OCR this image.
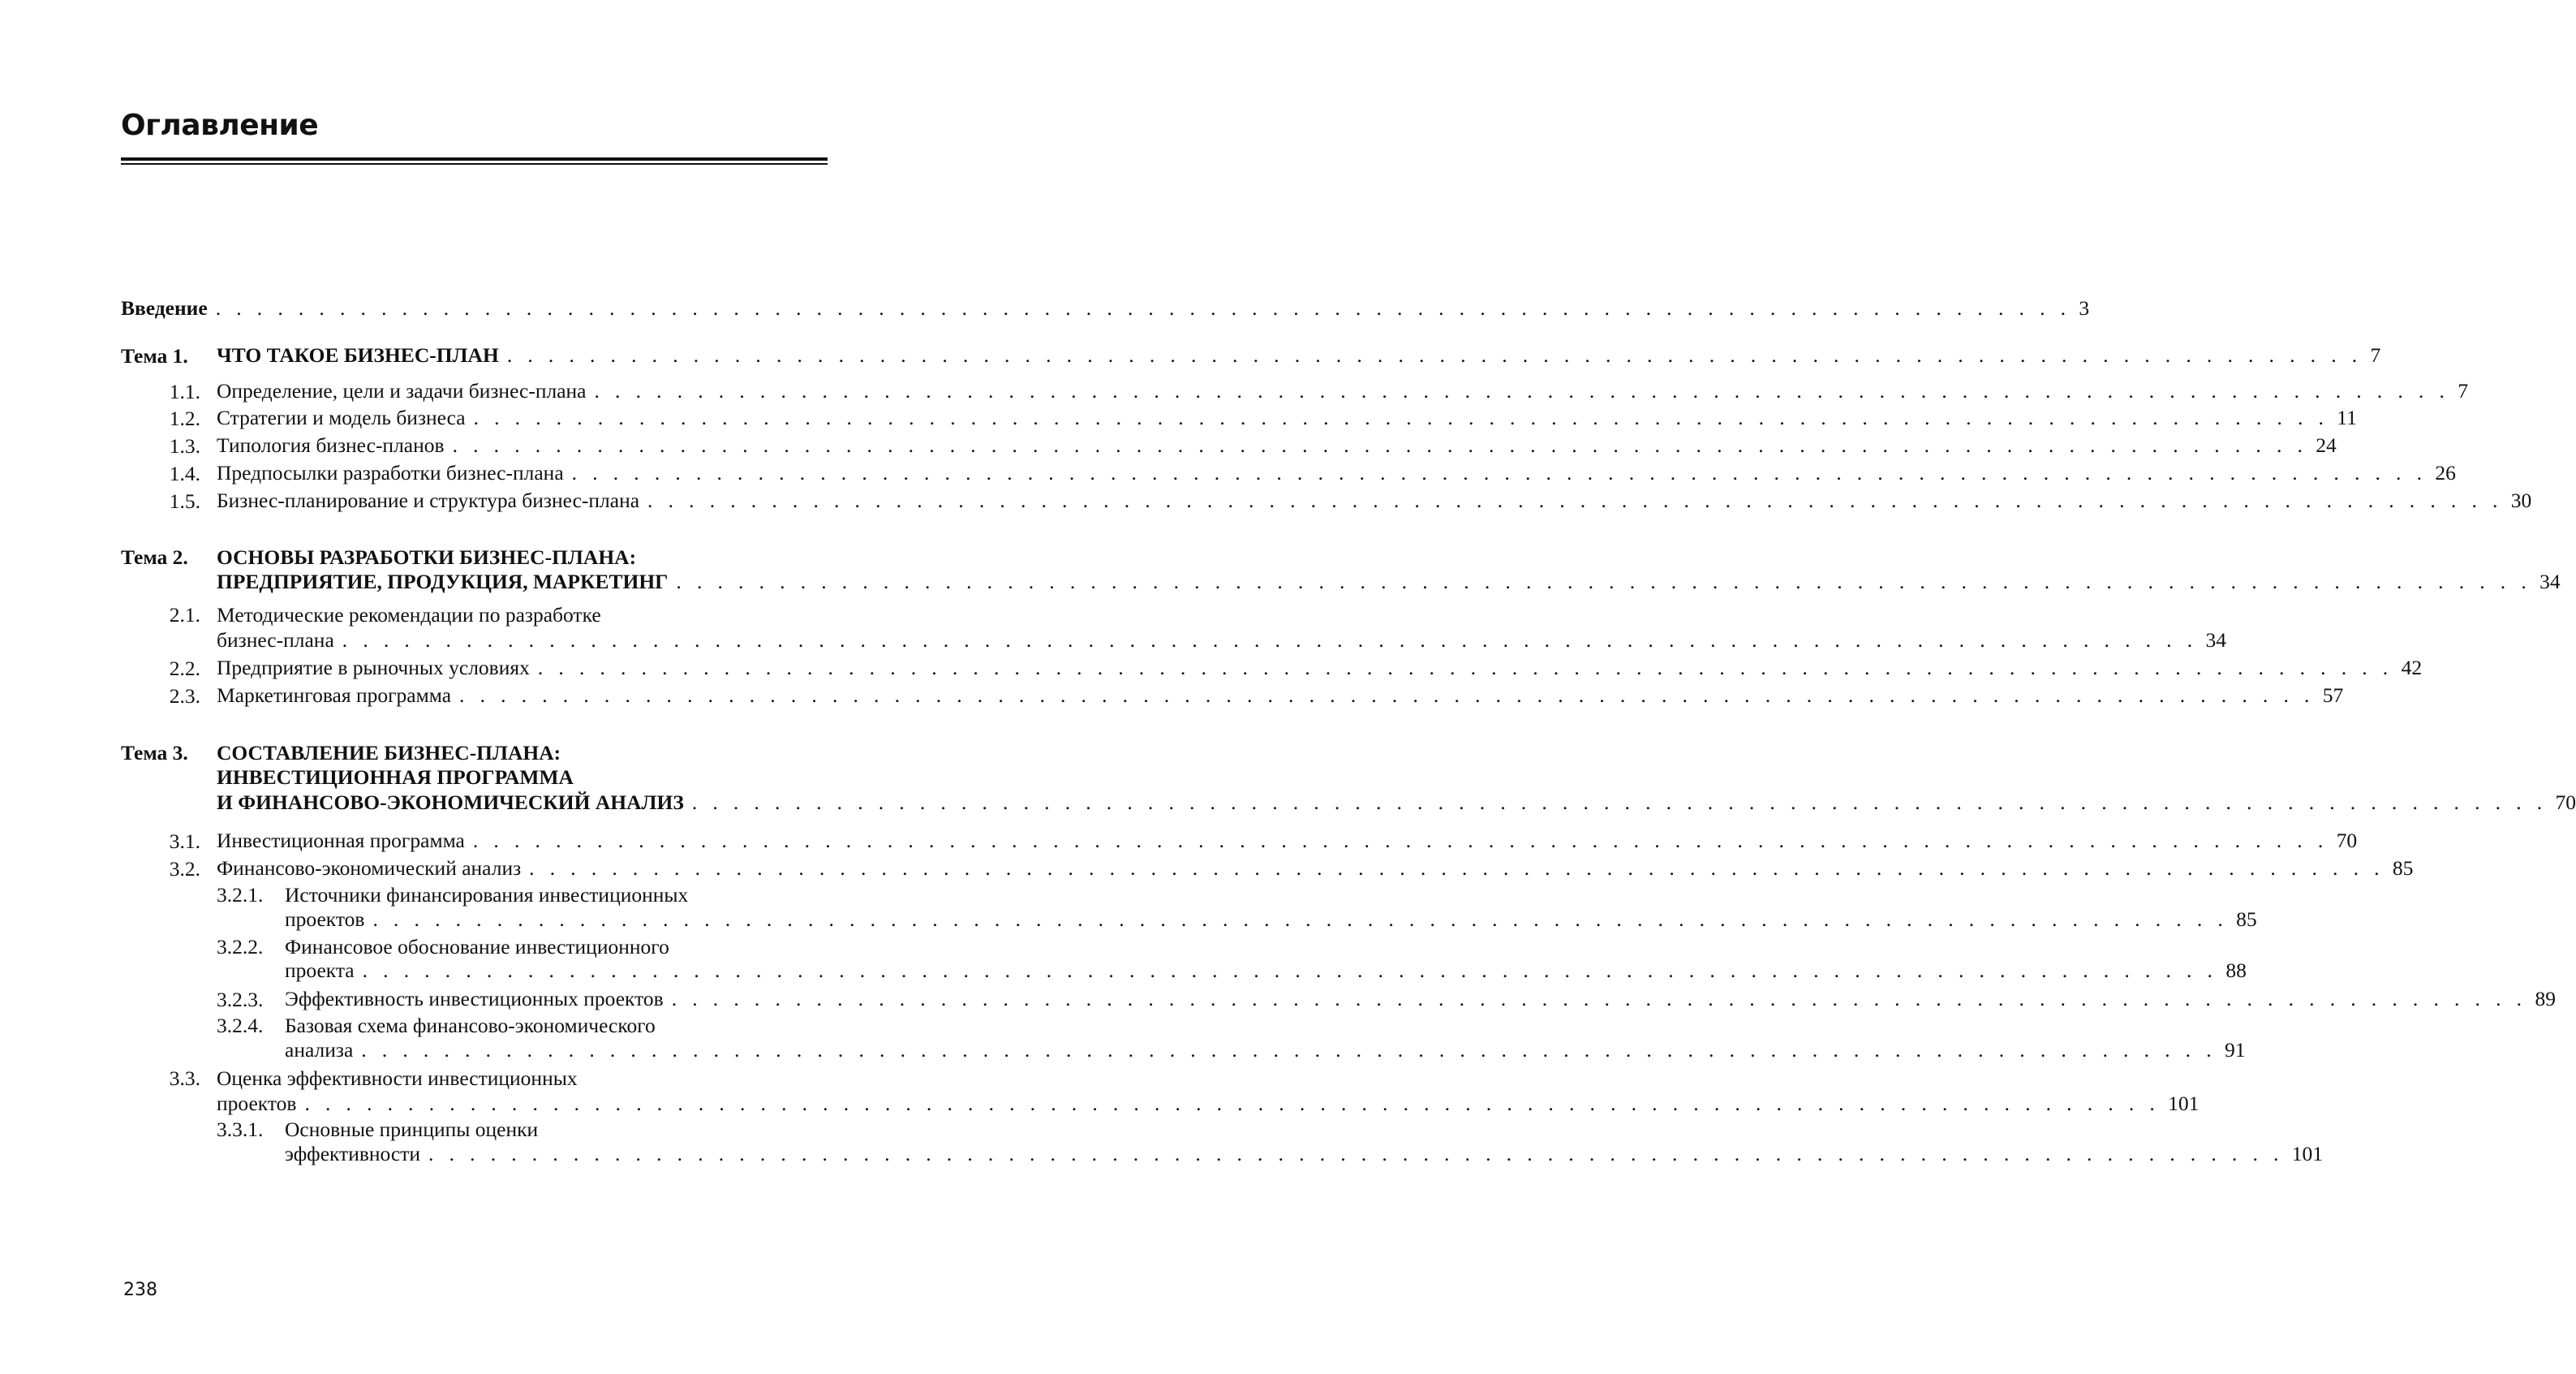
Оглавление
Введение . . . . . . . . . . . . . . . . . . . . . . . . . . . . . . . . . . . . . . . . . . . . . . . . . . . . . . . . . . . . . . . . . . . . . . . . . . . . . . . . . . . . . . . . . . 3
Тема 1. ЧТО ТАКОЕ БИЗНЕС-ПЛАН . . . . . . . . . . . . . . . . . . . . . . . . . . . . . . . . . . . . . . . . . . . . . . . . . . . . . . . . . . . . . . . . . . . . . . . . . . . . . . . . . . . . . . . . . . 7
1.1. Определение, цели и задачи бизнес-плана . . . . . . . . . . . . . . . . . . . . . . . . . . . . . . . . . . . . . . . . . . . . . . . . . . . . . . . . . . . . . . . . . . . . . . . . . . . . . . . . . . . . . . . . . . 7
1.2. Стратегии и модель бизнеса . . . . . . . . . . . . . . . . . . . . . . . . . . . . . . . . . . . . . . . . . . . . . . . . . . . . . . . . . . . . . . . . . . . . . . . . . . . . . . . . . . . . . . . . . . 11
1.3. Типология бизнес-планов . . . . . . . . . . . . . . . . . . . . . . . . . . . . . . . . . . . . . . . . . . . . . . . . . . . . . . . . . . . . . . . . . . . . . . . . . . . . . . . . . . . . . . . . . . 24
1.4. Предпосылки разработки бизнес-плана . . . . . . . . . . . . . . . . . . . . . . . . . . . . . . . . . . . . . . . . . . . . . . . . . . . . . . . . . . . . . . . . . . . . . . . . . . . . . . . . . . . . . . . . . . 26
1.5. Бизнес-планирование и структура бизнес-плана . . . . . . . . . . . . . . . . . . . . . . . . . . . . . . . . . . . . . . . . . . . . . . . . . . . . . . . . . . . . . . . . . . . . . . . . . . . . . . . . . . . . . . . . . . 30
Тема 2. ОСНОВЫ РАЗРАБОТКИ БИЗНЕС-ПЛАНА:
ПРЕДПРИЯТИЕ, ПРОДУКЦИЯ, МАРКЕТИНГ . . . . . . . . . . . . . . . . . . . . . . . . . . . . . . . . . . . . . . . . . . . . . . . . . . . . . . . . . . . . . . . . . . . . . . . . . . . . . . . . . . . . . . . . . . 34
2.1. Методические рекомендации по разработке
бизнес-плана . . . . . . . . . . . . . . . . . . . . . . . . . . . . . . . . . . . . . . . . . . . . . . . . . . . . . . . . . . . . . . . . . . . . . . . . . . . . . . . . . . . . . . . . . . 34
2.2. Предприятие в рыночных условиях . . . . . . . . . . . . . . . . . . . . . . . . . . . . . . . . . . . . . . . . . . . . . . . . . . . . . . . . . . . . . . . . . . . . . . . . . . . . . . . . . . . . . . . . . . 42
2.3. Маркетинговая программа . . . . . . . . . . . . . . . . . . . . . . . . . . . . . . . . . . . . . . . . . . . . . . . . . . . . . . . . . . . . . . . . . . . . . . . . . . . . . . . . . . . . . . . . . . 57
Тема 3. СОСТАВЛЕНИЕ БИЗНЕС-ПЛАНА:
ИНВЕСТИЦИОННАЯ ПРОГРАММА
И ФИНАНСОВО-ЭКОНОМИЧЕСКИЙ АНАЛИЗ . . . . . . . . . . . . . . . . . . . . . . . . . . . . . . . . . . . . . . . . . . . . . . . . . . . . . . . . . . . . . . . . . . . . . . . . . . . . . . . . . . . . . . . . . . 70
3.1. Инвестиционная программа . . . . . . . . . . . . . . . . . . . . . . . . . . . . . . . . . . . . . . . . . . . . . . . . . . . . . . . . . . . . . . . . . . . . . . . . . . . . . . . . . . . . . . . . . . 70
3.2. Финансово-экономический анализ . . . . . . . . . . . . . . . . . . . . . . . . . . . . . . . . . . . . . . . . . . . . . . . . . . . . . . . . . . . . . . . . . . . . . . . . . . . . . . . . . . . . . . . . . . 85
3.2.1. Источники финансирования инвестиционных
проектов . . . . . . . . . . . . . . . . . . . . . . . . . . . . . . . . . . . . . . . . . . . . . . . . . . . . . . . . . . . . . . . . . . . . . . . . . . . . . . . . . . . . . . . . . . 85
3.2.2. Финансовое обоснование инвестиционного
проекта . . . . . . . . . . . . . . . . . . . . . . . . . . . . . . . . . . . . . . . . . . . . . . . . . . . . . . . . . . . . . . . . . . . . . . . . . . . . . . . . . . . . . . . . . . 88
3.2.3. Эффективность инвестиционных проектов . . . . . . . . . . . . . . . . . . . . . . . . . . . . . . . . . . . . . . . . . . . . . . . . . . . . . . . . . . . . . . . . . . . . . . . . . . . . . . . . . . . . . . . . . . 89
3.2.4. Базовая схема финансово-экономического
анализа . . . . . . . . . . . . . . . . . . . . . . . . . . . . . . . . . . . . . . . . . . . . . . . . . . . . . . . . . . . . . . . . . . . . . . . . . . . . . . . . . . . . . . . . . . 91
3.3. Оценка эффективности инвестиционных
проектов . . . . . . . . . . . . . . . . . . . . . . . . . . . . . . . . . . . . . . . . . . . . . . . . . . . . . . . . . . . . . . . . . . . . . . . . . . . . . . . . . . . . . . . . . . 101
3.3.1. Основные принципы оценки
эффективности . . . . . . . . . . . . . . . . . . . . . . . . . . . . . . . . . . . . . . . . . . . . . . . . . . . . . . . . . . . . . . . . . . . . . . . . . . . . . . . . . . . . . . . . . . 101
238
